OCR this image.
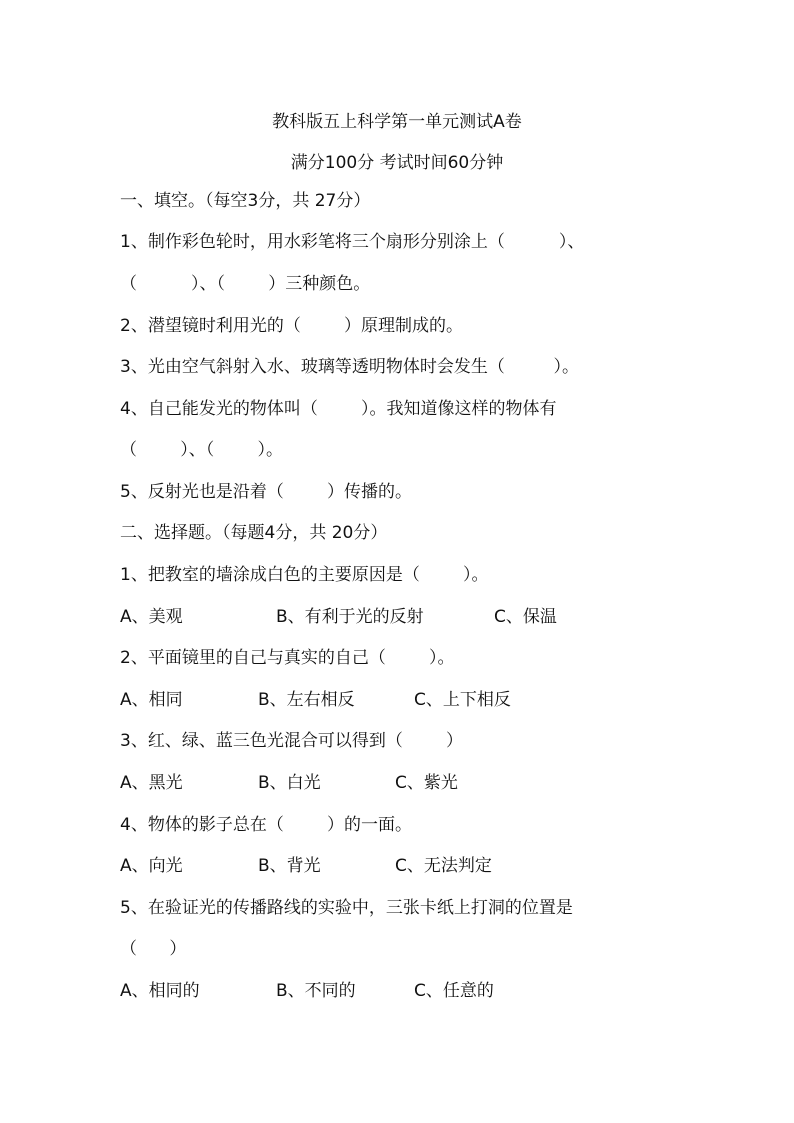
教科版五上科学第一单元测试A卷
满分100分 考试时间60分钟
一、填空。（每空3分，共 27分）
1、制作彩色轮时，用水彩笔将三个扇形分别涂上（          ）、
（          ）、（        ）三种颜色。
2、潜望镜时利用光的（        ）原理制成的。
3、光由空气斜射入水、玻璃等透明物体时会发生（         ）。
4、自己能发光的物体叫（        ）。我知道像这样的物体有
（        ）、（        ）。
5、反射光也是沿着（        ）传播的。
二、选择题。（每题4分，共 20分）
1、把教室的墙涂成白色的主要原因是（        ）。
A、美观	B、有利于光的反射	C、保温
2、平面镜里的自己与真实的自己（        ）。
A、相同	B、左右相反	C、上下相反
3、红、绿、蓝三色光混合可以得到（        ）
A、黑光	B、白光	C、紫光
4、物体的影子总在（        ）的一面。
A、向光	B、背光	C、无法判定
5、在验证光的传播路线的实验中，三张卡纸上打洞的位置是
（      ）
A、相同的	B、不同的	C、任意的
